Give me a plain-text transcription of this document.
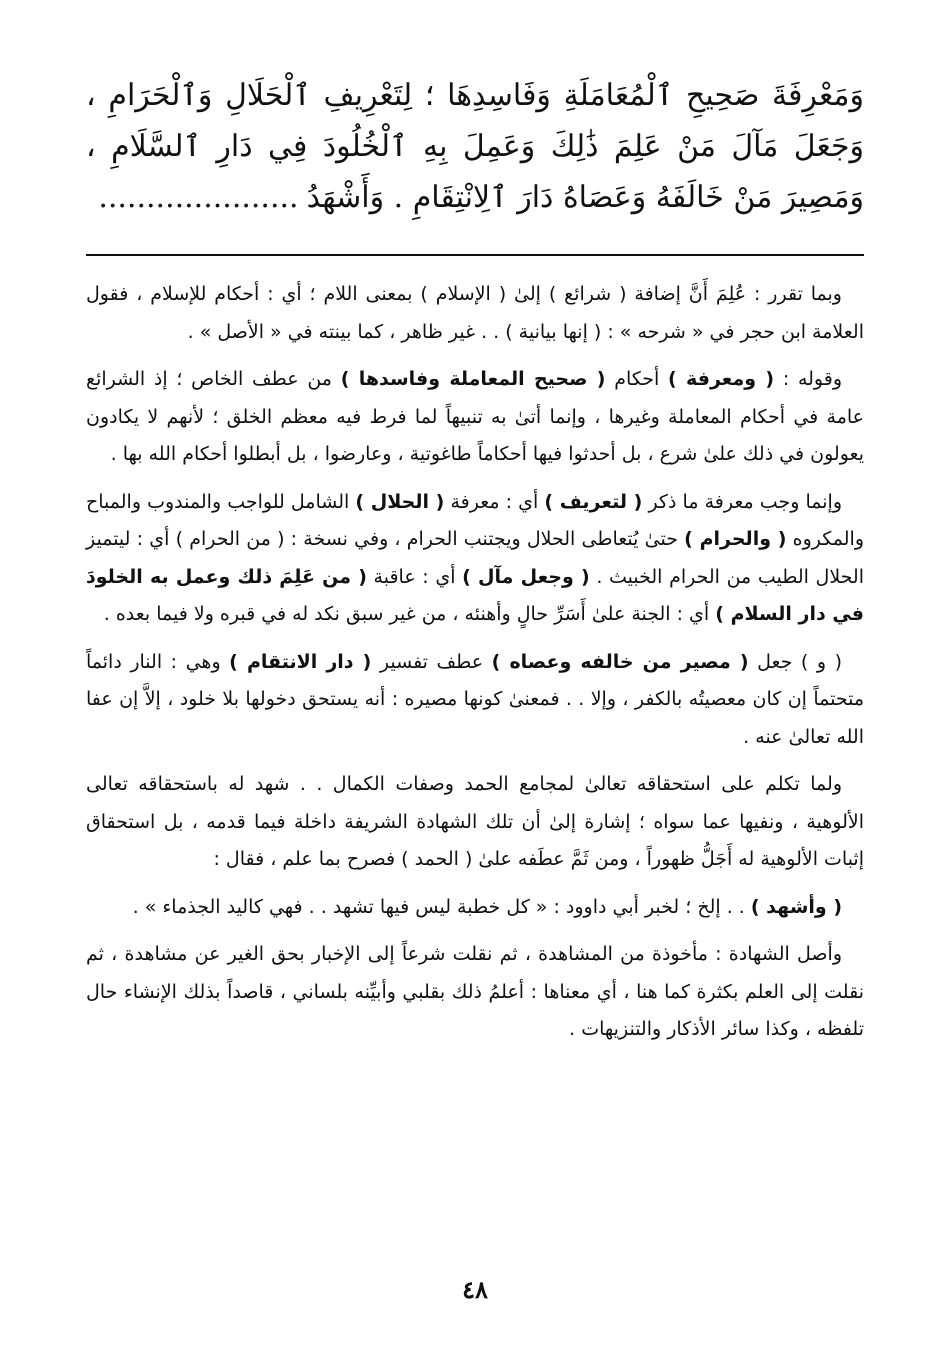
وَمَعْرِفَةَ صَحِيحِ ٱلْمُعَامَلَةِ وَفَاسِدِهَا ؛ لِتَعْرِيفِ ٱلْحَلَالِ وَٱلْحَرَامِ ، وَجَعَلَ مَآلَ مَنْ عَلِمَ ذَٰلِكَ وَعَمِلَ بِهِ ٱلْخُلُودَ فِي دَارِ ٱلسَّلَامِ ، وَمَصِيرَ مَنْ خَالَفَهُ وَعَصَاهُ دَارَ ٱلِانْتِقَامِ . وَأَشْهَدُ.....................

وبما تقرر : عُلِمَ أَنَّ إضافة ( شرائع ) إلىٰ ( الإسلام ) بمعنى اللام ؛ أي : أحكام للإسلام ، فقول العلامة ابن حجر في « شرحه » : ( إنها بيانية ) . . غير ظاهر ، كما بينته في « الأصل » .

وقوله : ( ومعرفة ) أحكام ( صحيح المعاملة وفاسدها ) من عطف الخاص ؛ إذ الشرائع عامة في أحكام المعاملة وغيرها ، وإنما أتىٰ به تنبيهاً لما فرط فيه معظم الخلق ؛ لأنهم لا يكادون يعولون في ذلك علىٰ شرع ، بل أحدثوا فيها أحكاماً طاغوتية ، وعارضوا ، بل أبطلوا أحكام الله بها .

وإنما وجب معرفة ما ذكر ( لتعريف ) أي : معرفة ( الحلال ) الشامل للواجب والمندوب والمباح والمكروه ( والحرام ) حتىٰ يُتعاطى الحلال ويجتنب الحرام ، وفي نسخة : ( من الحرام ) أي : ليتميز الحلال الطيب من الحرام الخبيث . ( وجعل مآل ) أي : عاقبة ( من عَلِمَ ذلك وعمل به الخلودَ في دار السلام ) أي : الجنة علىٰ أَسَرِّ حالٍ وأهنئه ، من غير سبق نكد له في قبره ولا فيما بعده .

( و ) جعل ( مصير من خالفه وعصاه ) عطف تفسير ( دار الانتقام ) وهي : النار دائماً متحتماً إن كان معصيتُه بالكفر ، وإلا . . فمعنىٰ كونها مصيره : أنه يستحق دخولها بلا خلود ، إلاَّ إن عفا الله تعالىٰ عنه .

ولما تكلم على استحقاقه تعالىٰ لمجامع الحمد وصفات الكمال . . شهد له باستحقاقه تعالى الألوهية ، ونفيها عما سواه ؛ إشارة إلىٰ أن تلك الشهادة الشريفة داخلة فيما قدمه ، بل استحقاق إثبات الألوهية له أَجَلُّ ظهوراً ، ومن ثَمَّ عطَفه علىٰ ( الحمد ) فصرح بما علم ، فقال :

( وأشهد ) . . إلخ ؛ لخبر أبي داوود : « كل خطبة ليس فيها تشهد . . فهي كاليد الجذماء » .

وأصل الشهادة : مأخوذة من المشاهدة ، ثم نقلت شرعاً إلى الإخبار بحق الغير عن مشاهدة ، ثم نقلت إلى العلم بكثرة كما هنا ، أي معناها : أعلمُ ذلك بقلبي وأبيِّنه بلساني ، قاصداً بذلك الإنشاء حال تلفظه ، وكذا سائر الأذكار والتنزيهات .

٤٨
